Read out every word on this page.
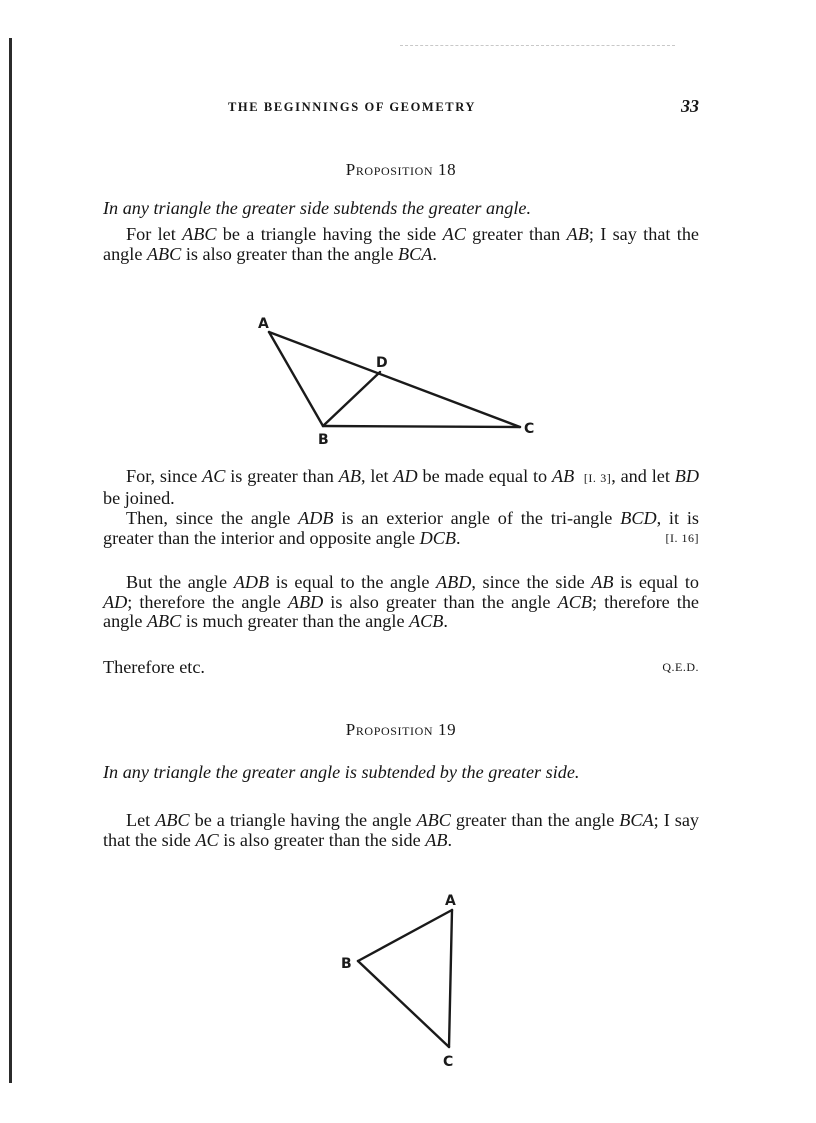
THE BEGINNINGS OF GEOMETRY	33
Proposition 18

In any triangle the greater side subtends the greater angle.

For let ABC be a triangle having the side AC greater than AB; I say that the angle ABC is also greater than the angle BCA.

A
D
B
C

For, since AC is greater than AB, let AD be made equal to AB [I. 3], and let BD be joined.

Then, since the angle ADB is an exterior angle of the tri-angle BCD, it is greater than the interior and opposite angle DCB.	[I. 16]

But the angle ADB is equal to the angle ABD, since the side AB is equal to AD; therefore the angle ABD is also greater than the angle ACB; therefore the angle ABC is much greater than the angle ACB.

Therefore etc.	Q.E.D.

Proposition 19

In any triangle the greater angle is subtended by the greater side.

Let ABC be a triangle having the angle ABC greater than the angle BCA; I say that the side AC is also greater than the side AB.

A
B
C
